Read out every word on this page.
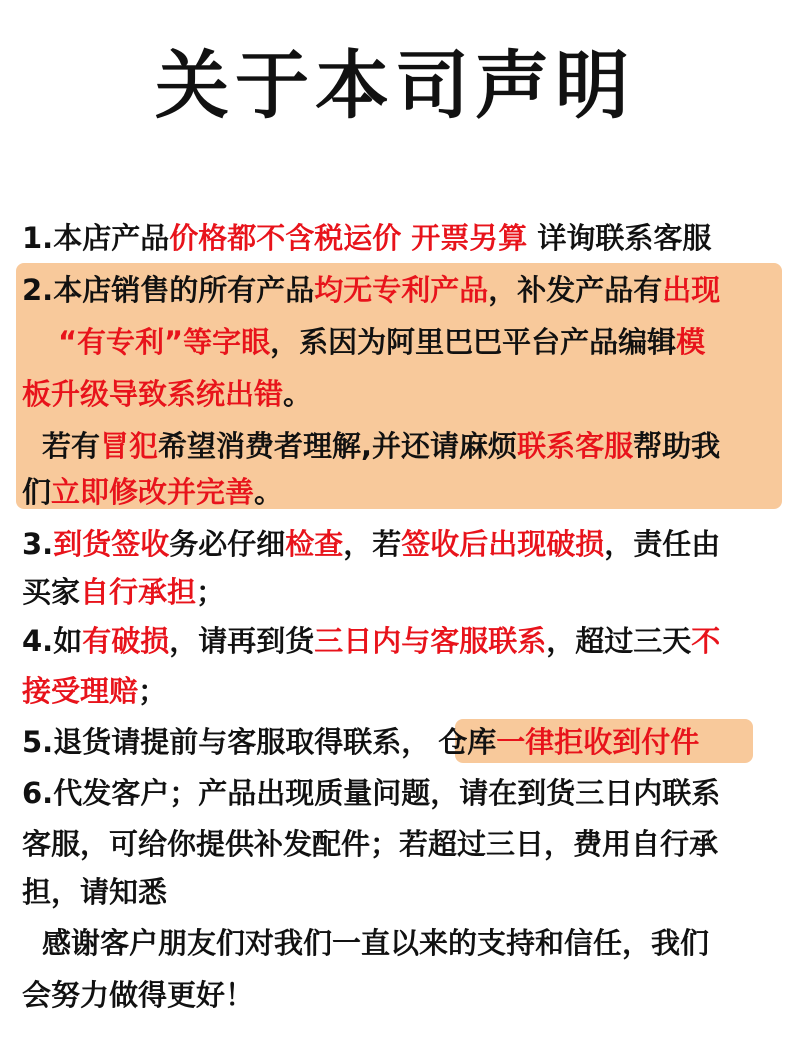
关于本司声明
1.本店产品价格都不含税运价 开票另算 详询联系客服
2.本店销售的所有产品均无专利产品，补发产品有出现
“有专利”等字眼，系因为阿里巴巴平台产品编辑模
板升级导致系统出错。
若有冒犯希望消费者理解,并还请麻烦联系客服帮助我
们立即修改并完善。
3.到货签收务必仔细检查，若签收后出现破损，责任由
买家自行承担；
4.如有破损，请再到货三日内与客服联系，超过三天不
接受理赔；
5.退货请提前与客服取得联系， 仓库一律拒收到付件
6.代发客户；产品出现质量问题，请在到货三日内联系
客服，可给你提供补发配件；若超过三日，费用自行承
担，请知悉
感谢客户朋友们对我们一直以来的支持和信任，我们
会努力做得更好！
